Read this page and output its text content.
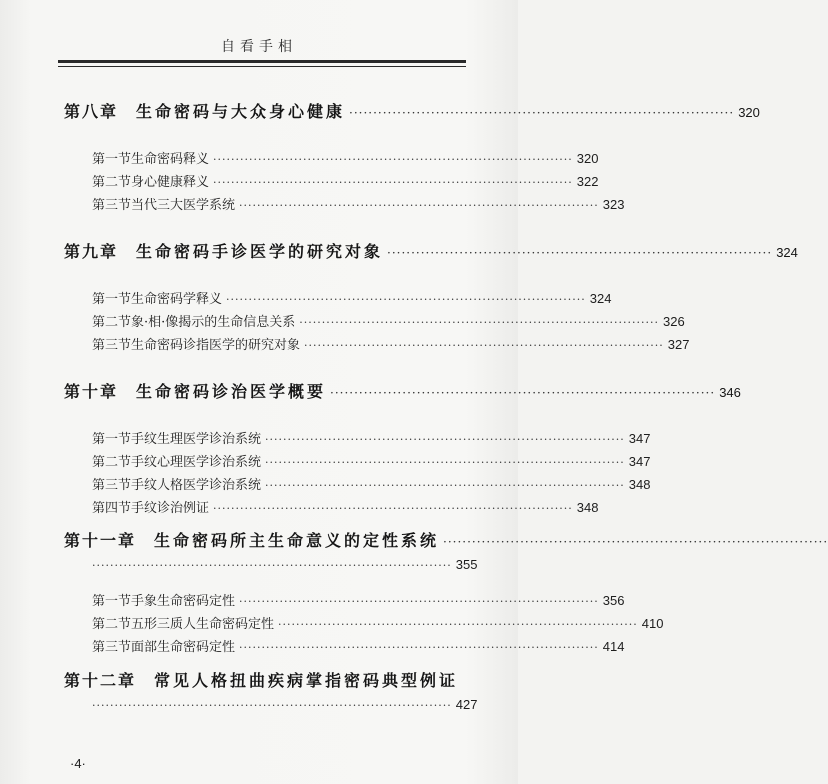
自看手相
第八章 生命密码与大众身心健康 ················································································ 320
第一节 生命密码释义 ················································································ 320
第二节 身心健康释义 ················································································ 322
第三节 当代三大医学系统 ················································································ 323
第九章 生命密码手诊医学的研究对象 ················································································ 324
第一节 生命密码学释义 ················································································ 324
第二节 象·相·像揭示的生命信息关系 ················································································ 326
第三节 生命密码诊指医学的研究对象 ················································································ 327
第十章 生命密码诊治医学概要 ················································································ 346
第一节 手纹生理医学诊治系统 ················································································ 347
第二节 手纹心理医学诊治系统 ················································································ 347
第三节 手纹人格医学诊治系统 ················································································ 348
第四节 手纹诊治例证 ················································································ 348
第十一章 生命密码所主生命意义的定性系统 ················································································
················································································ 355
第一节 手象生命密码定性 ················································································ 356
第二节 五形三质人生命密码定性 ················································································ 410
第三节 面部生命密码定性 ················································································ 414
第十二章 常见人格扭曲疾病掌指密码典型例证
················································································ 427
·4·
